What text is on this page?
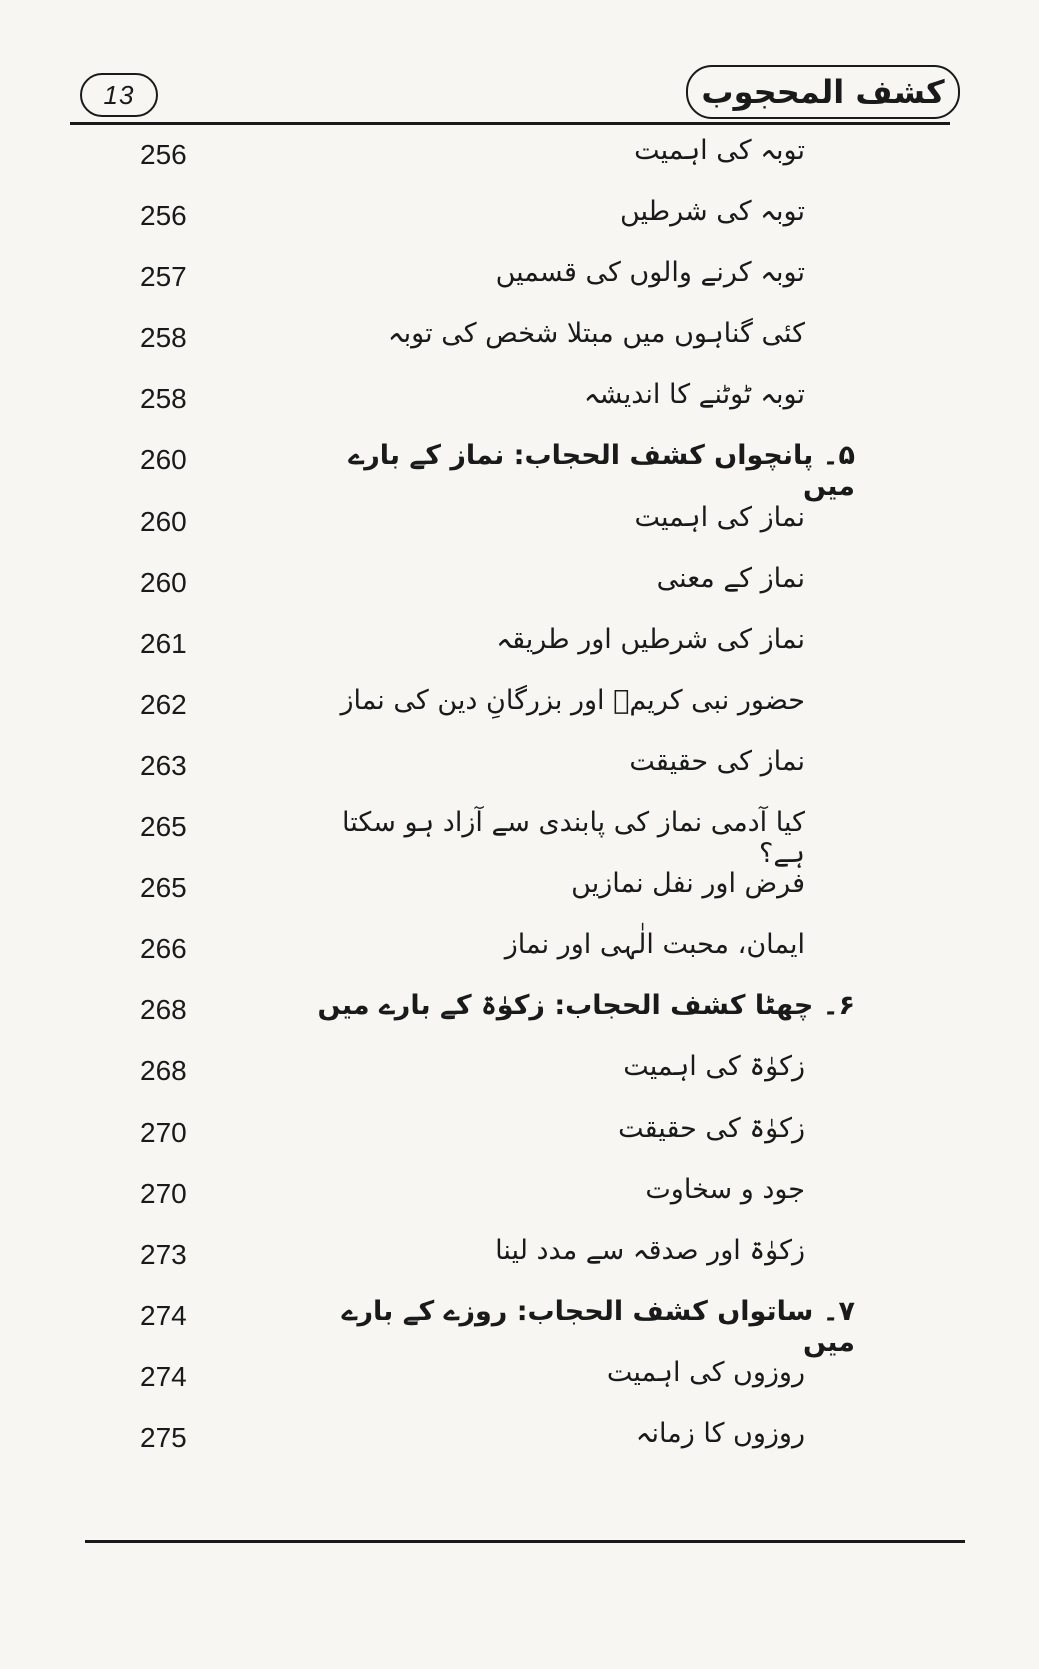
13	کشف المحجوب
256	توبہ کی اہمیت
256	توبہ کی شرطیں
257	توبہ کرنے والوں کی قسمیں
258	کئی گناہوں میں مبتلا شخص کی توبہ
258	توبہ ٹوٹنے کا اندیشہ
260	۵۔ پانچواں کشف الحجاب: نماز کے بارے میں
260	نماز کی اہمیت
260	نماز کے معنی
261	نماز کی شرطیں اور طریقہ
262	حضور نبی کریمؐ اور بزرگانِ دین کی نماز
263	نماز کی حقیقت
265	کیا آدمی نماز کی پابندی سے آزاد ہو سکتا ہے؟
265	فرض اور نفل نمازیں
266	ایمان، محبت الٰہی اور نماز
268	۶۔ چھٹا کشف الحجاب: زکوٰۃ کے بارے میں
268	زکوٰۃ کی اہمیت
270	زکوٰۃ کی حقیقت
270	جود و سخاوت
273	زکوٰۃ اور صدقہ سے مدد لینا
274	۷۔ ساتواں کشف الحجاب: روزے کے بارے میں
274	روزوں کی اہمیت
275	روزوں کا زمانہ
